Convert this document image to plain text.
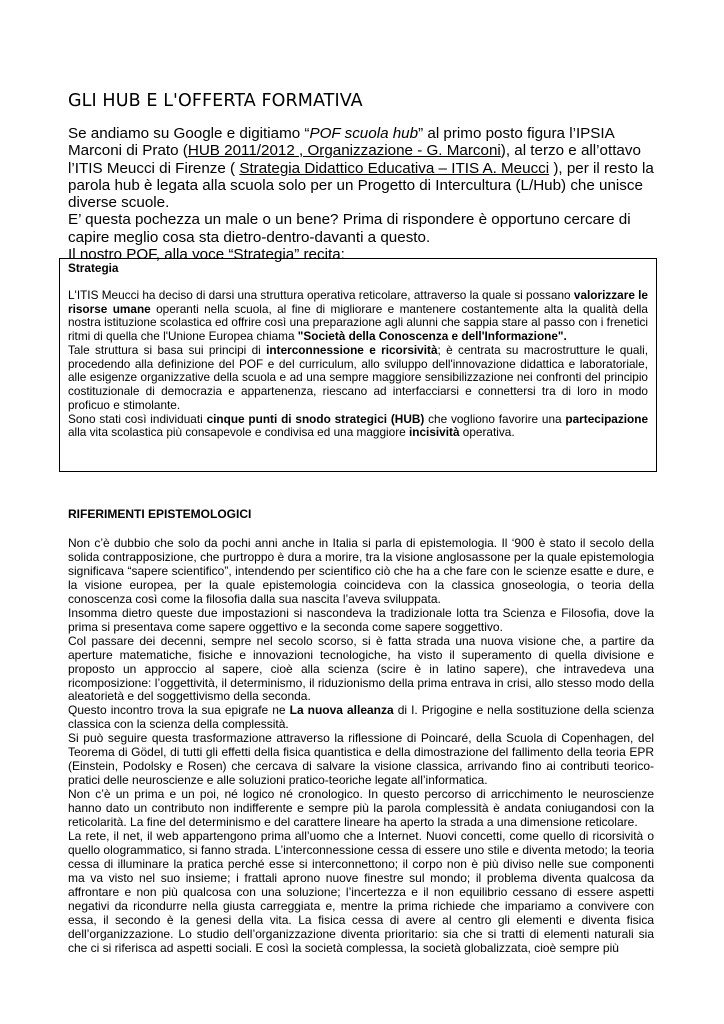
GLI HUB E L'OFFERTA FORMATIVA
Se andiamo su Google e digitiamo “POF scuola hub” al primo posto figura l’IPSIA Marconi di Prato (HUB 2011/2012 , Organizzazione - G. Marconi), al terzo e all’ottavo l’ITIS Meucci di Firenze ( Strategia Didattico Educativa – ITIS A. Meucci ), per il resto la parola hub è legata alla scuola solo per un Progetto di Intercultura (L/Hub) che unisce diverse scuole.
E’ questa pochezza un male o un bene? Prima di rispondere è opportuno cercare di capire meglio cosa sta dietro-dentro-davanti a questo.
Il nostro POF, alla voce “Strategia” recita:
Strategia

L'ITIS Meucci ha deciso di darsi una struttura operativa reticolare, attraverso la quale si possano valorizzare le risorse umane operanti nella scuola, al fine di migliorare e mantenere costantemente alta la qualità della nostra istituzione scolastica ed offrire così una preparazione agli alunni che sappia stare al passo con i frenetici ritmi di quella che l'Unione Europea chiama "Società della Conoscenza e dell'Informazione".

Tale struttura si basa sui principi di interconnessione e ricorsività; è centrata su macrostrutture le quali, procedendo alla definizione del POF e del curriculum, allo sviluppo dell'innovazione didattica e laboratoriale, alle esigenze organizzative della scuola e ad una sempre maggiore sensibilizzazione nei confronti del principio costituzionale di democrazia e appartenenza, riescano ad interfacciarsi e connettersi tra di loro in modo proficuo e stimolante.

Sono stati così individuati cinque punti di snodo strategici (HUB) che vogliono favorire una partecipazione alla vita scolastica più consapevole e condivisa ed una maggiore incisività operativa.

RIFERIMENTI EPISTEMOLOGICI

Non c’è dubbio che solo da pochi anni anche in Italia si parla di epistemologia. Il ‘900 è stato il secolo della solida contrapposizione, che purtroppo è dura a morire, tra la visione anglosassone per la quale epistemologia significava “sapere scientifico”, intendendo per scientifico ciò che ha a che fare con le scienze esatte e dure, e la visione europea, per la quale epistemologia coincideva con la classica gnoseologia, o teoria della conoscenza così come la filosofia dalla sua nascita l’aveva sviluppata.

Insomma dietro queste due impostazioni si nascondeva la tradizionale lotta tra Scienza e Filosofia, dove la prima si presentava come sapere oggettivo e la seconda come sapere soggettivo.

Col passare dei decenni, sempre nel secolo scorso, si è fatta strada una nuova visione che, a partire da aperture matematiche, fisiche e innovazioni tecnologiche, ha visto il superamento di quella divisione e proposto un approccio al sapere, cioè alla scienza (scire è in latino sapere), che intravedeva una ricomposizione: l’oggettività, il determinismo, il riduzionismo della prima entrava in crisi, allo stesso modo della aleatorietà e del soggettivismo della seconda.

Questo incontro trova la sua epigrafe ne La nuova alleanza di I. Prigogine e nella sostituzione della scienza classica con la scienza della complessità.

Si può seguire questa trasformazione attraverso la riflessione di Poincaré, della Scuola di Copenhagen, del Teorema di Gödel, di tutti gli effetti della fisica quantistica e della dimostrazione del fallimento della teoria EPR (Einstein, Podolsky e Rosen) che cercava di salvare la visione classica, arrivando fino ai contributi teorico-pratici delle neuroscienze e alle soluzioni pratico-teoriche legate all’informatica.

Non c’è un prima e un poi, né logico né cronologico. In questo percorso di arricchimento le neuroscienze hanno dato un contributo non indifferente e sempre più la parola complessità è andata coniugandosi con la reticolarità. La fine del determinismo e del carattere lineare ha aperto la strada a una dimensione reticolare.

La rete, il net, il web appartengono prima all’uomo che a Internet. Nuovi concetti, come quello di ricorsività o quello ologrammatico, si fanno strada. L’interconnessione cessa di essere uno stile e diventa metodo; la teoria cessa di illuminare la pratica perché esse si interconnettono; il corpo non è più diviso nelle sue componenti ma va visto nel suo insieme; i frattali aprono nuove finestre sul mondo; il problema diventa qualcosa da affrontare e non più qualcosa con una soluzione; l’incertezza e il non equilibrio cessano di essere aspetti negativi da ricondurre nella giusta carreggiata e, mentre la prima richiede che impariamo a convivere con essa, il secondo è la genesi della vita. La fisica cessa di avere al centro gli elementi e diventa fisica dell’organizzazione. Lo studio dell’organizzazione diventa prioritario: sia che si tratti di elementi naturali sia che ci si riferisca ad aspetti sociali. E così la società complessa, la società globalizzata, cioè sempre più
